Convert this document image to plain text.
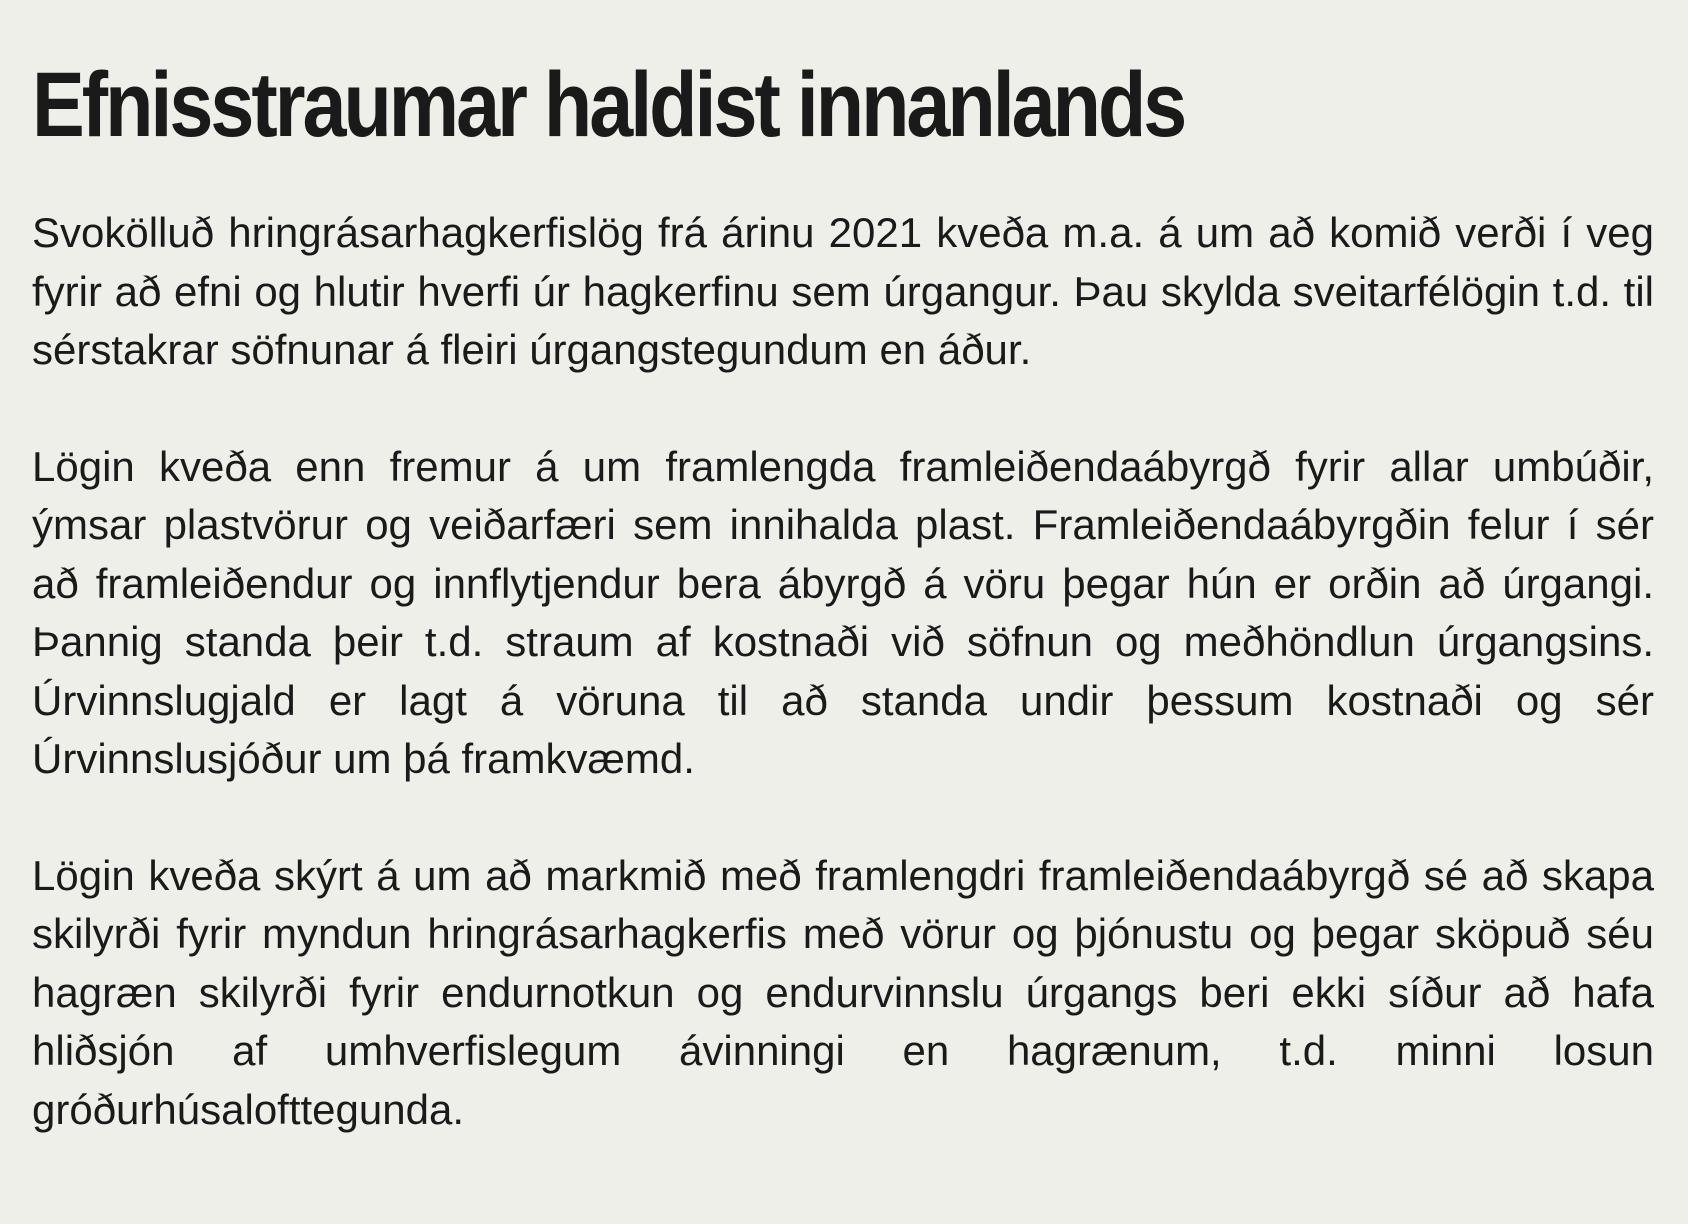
Efnisstraumar haldist innanlands

Svokölluð hringrásarhagkerfislög frá árinu 2021 kveða m.a. á um að komið verði í veg fyrir að efni og hlutir hverfi úr hagkerfinu sem úrgangur. Þau skylda sveitarfélögin t.d. til sérstakrar söfnunar á fleiri úrgangstegundum en áður.

Lögin kveða enn fremur á um framlengda framleiðendaábyrgð fyrir allar umbúðir, ýmsar plastvörur og veiðarfæri sem innihalda plast. Framleiðendaábyrgðin felur í sér að framleiðendur og innflytjendur bera ábyrgð á vöru þegar hún er orðin að úrgangi. Þannig standa þeir t.d. straum af kostnaði við söfnun og meðhöndlun úrgangsins. Úrvinnslugjald er lagt á vöruna til að standa undir þessum kostnaði og sér Úrvinnslusjóður um þá framkvæmd.

Lögin kveða skýrt á um að markmið með framlengdri framleiðendaábyrgð sé að skapa skilyrði fyrir myndun hringrásarhagkerfis með vörur og þjónustu og þegar sköpuð séu hagræn skilyrði fyrir endurnotkun og endurvinnslu úrgangs beri ekki síður að hafa hliðsjón af umhverfislegum ávinningi en hagrænum, t.d. minni losun gróðurhúsalofttegunda.
